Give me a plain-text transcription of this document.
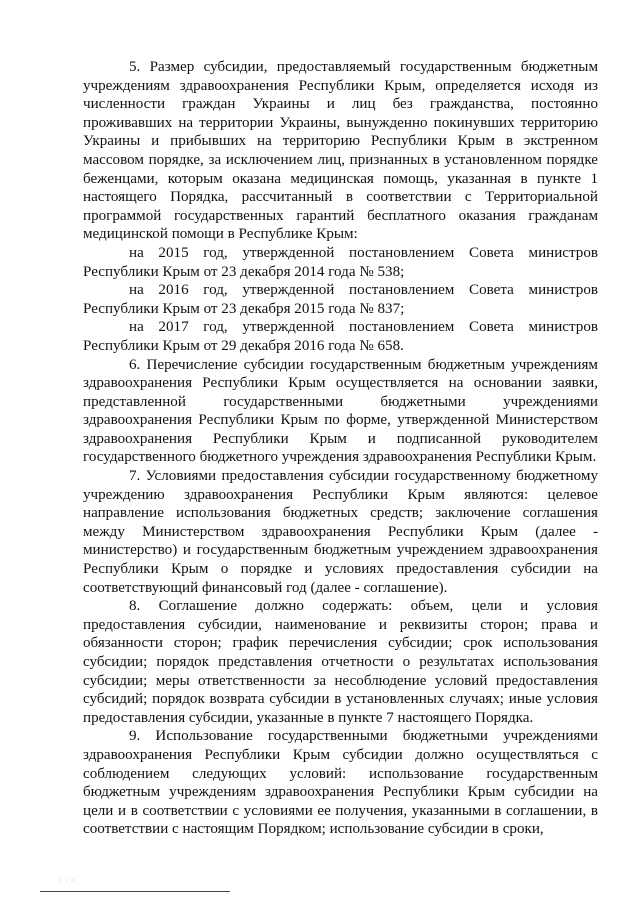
5. Размер субсидии, предоставляемый государственным бюджетным учреждениям здравоохранения Республики Крым, определяется исходя из численности граждан Украины и лиц без гражданства, постоянно проживавших на территории Украины, вынужденно покинувших территорию Украины и прибывших на территорию Республики Крым в экстренном массовом порядке, за исключением лиц, признанных в установленном порядке беженцами, которым оказана медицинская помощь, указанная в пункте 1 настоящего Порядка, рассчитанный в соответствии с Территориальной программой государственных гарантий бесплатного оказания гражданам медицинской помощи в Республике Крым:

на 2015 год, утвержденной постановлением Совета министров Республики Крым от 23 декабря 2014 года № 538;

на 2016 год, утвержденной постановлением Совета министров Республики Крым от 23 декабря 2015 года № 837;

на 2017 год, утвержденной постановлением Совета министров Республики Крым от 29 декабря 2016 года № 658.

6. Перечисление субсидии государственным бюджетным учреждениям здравоохранения Республики Крым осуществляется на основании заявки, представленной государственными бюджетными учреждениями здравоохранения Республики Крым по форме, утвержденной Министерством здравоохранения Республики Крым и подписанной руководителем государственного бюджетного учреждения здравоохранения Республики Крым.

7. Условиями предоставления субсидии государственному бюджетному учреждению здравоохранения Республики Крым являются: целевое направление использования бюджетных средств; заключение соглашения между Министерством здравоохранения Республики Крым (далее - министерство) и государственным бюджетным учреждением здравоохранения Республики Крым о порядке и условиях предоставления субсидии на соответствующий финансовый год (далее - соглашение).

8. Соглашение должно содержать: объем, цели и условия предоставления субсидии, наименование и реквизиты сторон; права и обязанности сторон; график перечисления субсидии; срок использования субсидии; порядок представления отчетности о результатах использования субсидии; меры ответственности за несоблюдение условий предоставления субсидий; порядок возврата субсидии в установленных случаях; иные условия предоставления субсидии, указанные в пункте 7 настоящего Порядка.

9. Использование государственными бюджетными учреждениями здравоохранения Республики Крым субсидии должно осуществляться с соблюдением следующих условий: использование государственным бюджетным учреждениям здравоохранения Республики Крым субсидии на цели и в соответствии с условиями ее получения, указанными в соглашении, в соответствии с настоящим Порядком; использование субсидии в сроки,

· · ·
